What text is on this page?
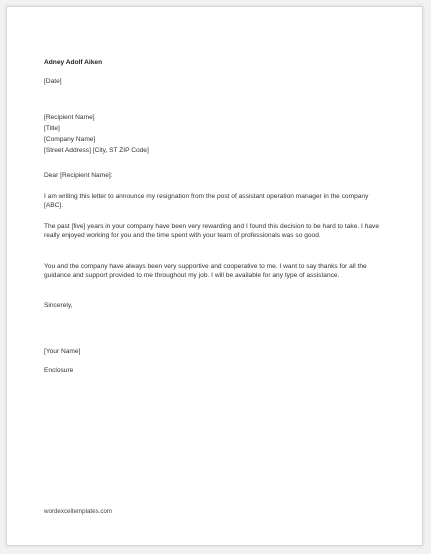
Adney Adolf Aiken
[Date]
[Recipient Name]
[Title]
[Company Name]
[Street Address] [City, ST ZIP Code]
Dear [Recipient Name]:

I am writing this letter to announce my resignation from the post of assistant operation manager in the company [ABC].

The past [five] years in your company have been very rewarding and I found this decision to be hard to take. I have really enjoyed working for you and the time spent with your team of professionals was so good.

You and the company have always been very supportive and cooperative to me. I want to say thanks for all the guidance and support provided to me throughout my job. I will be available for any type of assistance.

Sincerely,
[Your Name]
Enclosure
wordexceltemplates.com
